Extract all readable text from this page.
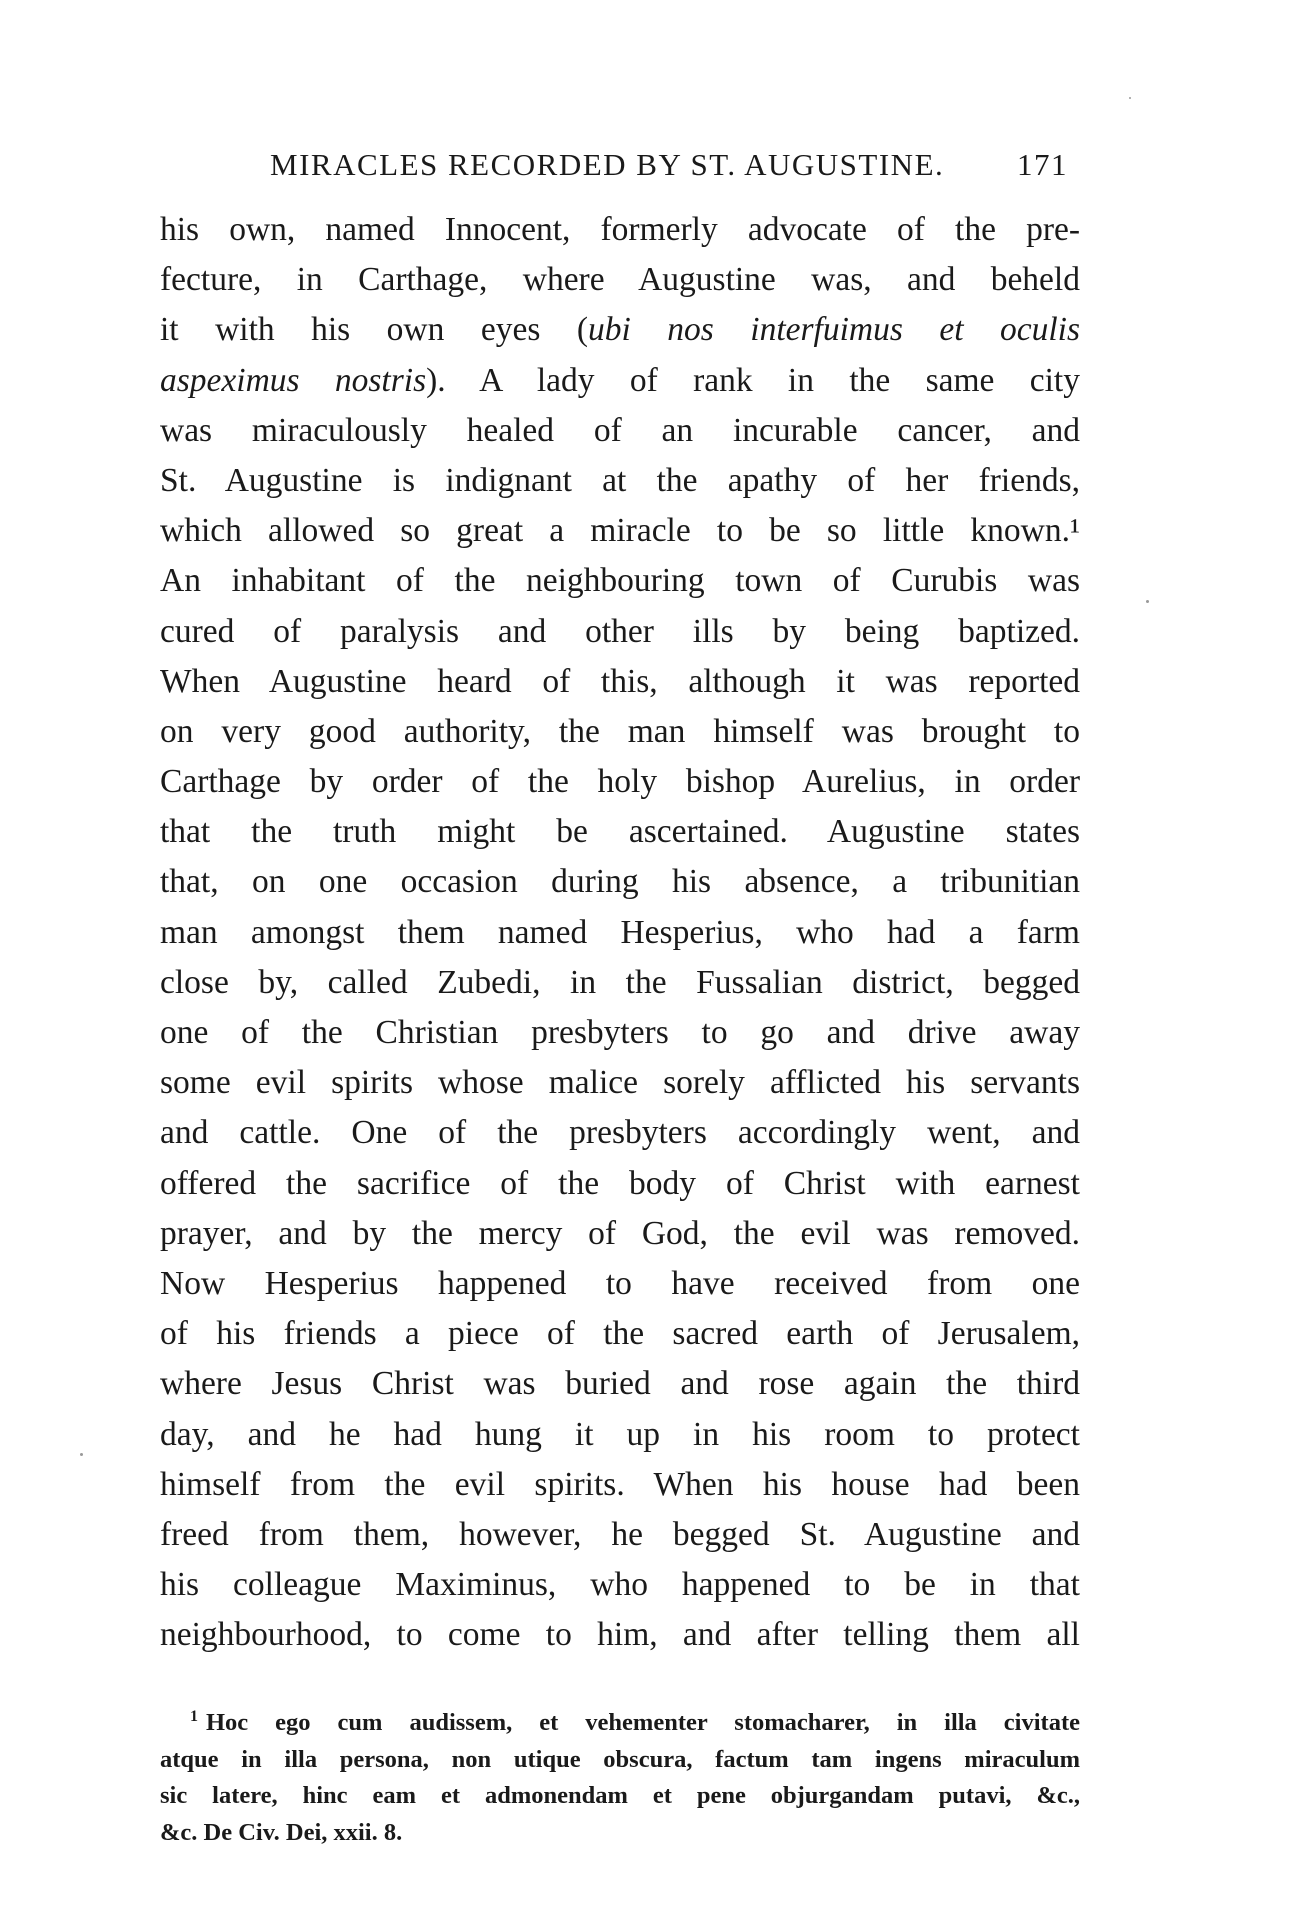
MIRACLES RECORDED BY ST. AUGUSTINE. 171
his own, named Innocent, formerly advocate of the pre-
fecture, in Carthage, where Augustine was, and beheld
it with his own eyes (ubi nos interfuimus et oculis
aspeximus nostris). A lady of rank in the same city
was miraculously healed of an incurable cancer, and
St. Augustine is indignant at the apathy of her friends,
which allowed so great a miracle to be so little known.¹
An inhabitant of the neighbouring town of Curubis was
cured of paralysis and other ills by being baptized.
When Augustine heard of this, although it was reported
on very good authority, the man himself was brought to
Carthage by order of the holy bishop Aurelius, in order
that the truth might be ascertained. Augustine states
that, on one occasion during his absence, a tribunitian
man amongst them named Hesperius, who had a farm
close by, called Zubedi, in the Fussalian district, begged
one of the Christian presbyters to go and drive away
some evil spirits whose malice sorely afflicted his servants
and cattle. One of the presbyters accordingly went, and
offered the sacrifice of the body of Christ with earnest
prayer, and by the mercy of God, the evil was removed.
Now Hesperius happened to have received from one
of his friends a piece of the sacred earth of Jerusalem,
where Jesus Christ was buried and rose again the third
day, and he had hung it up in his room to protect
himself from the evil spirits. When his house had been
freed from them, however, he begged St. Augustine and
his colleague Maximinus, who happened to be in that
neighbourhood, to come to him, and after telling them all
$^1$ Hoc ego cum audissem, et vehementer stomacharer, in illa civitate
atque in illa persona, non utique obscura, factum tam ingens miraculum
sic latere, hinc eam et admonendam et pene objurgandam putavi, &c.,
&c. De Civ. Dei, xxii. 8.
